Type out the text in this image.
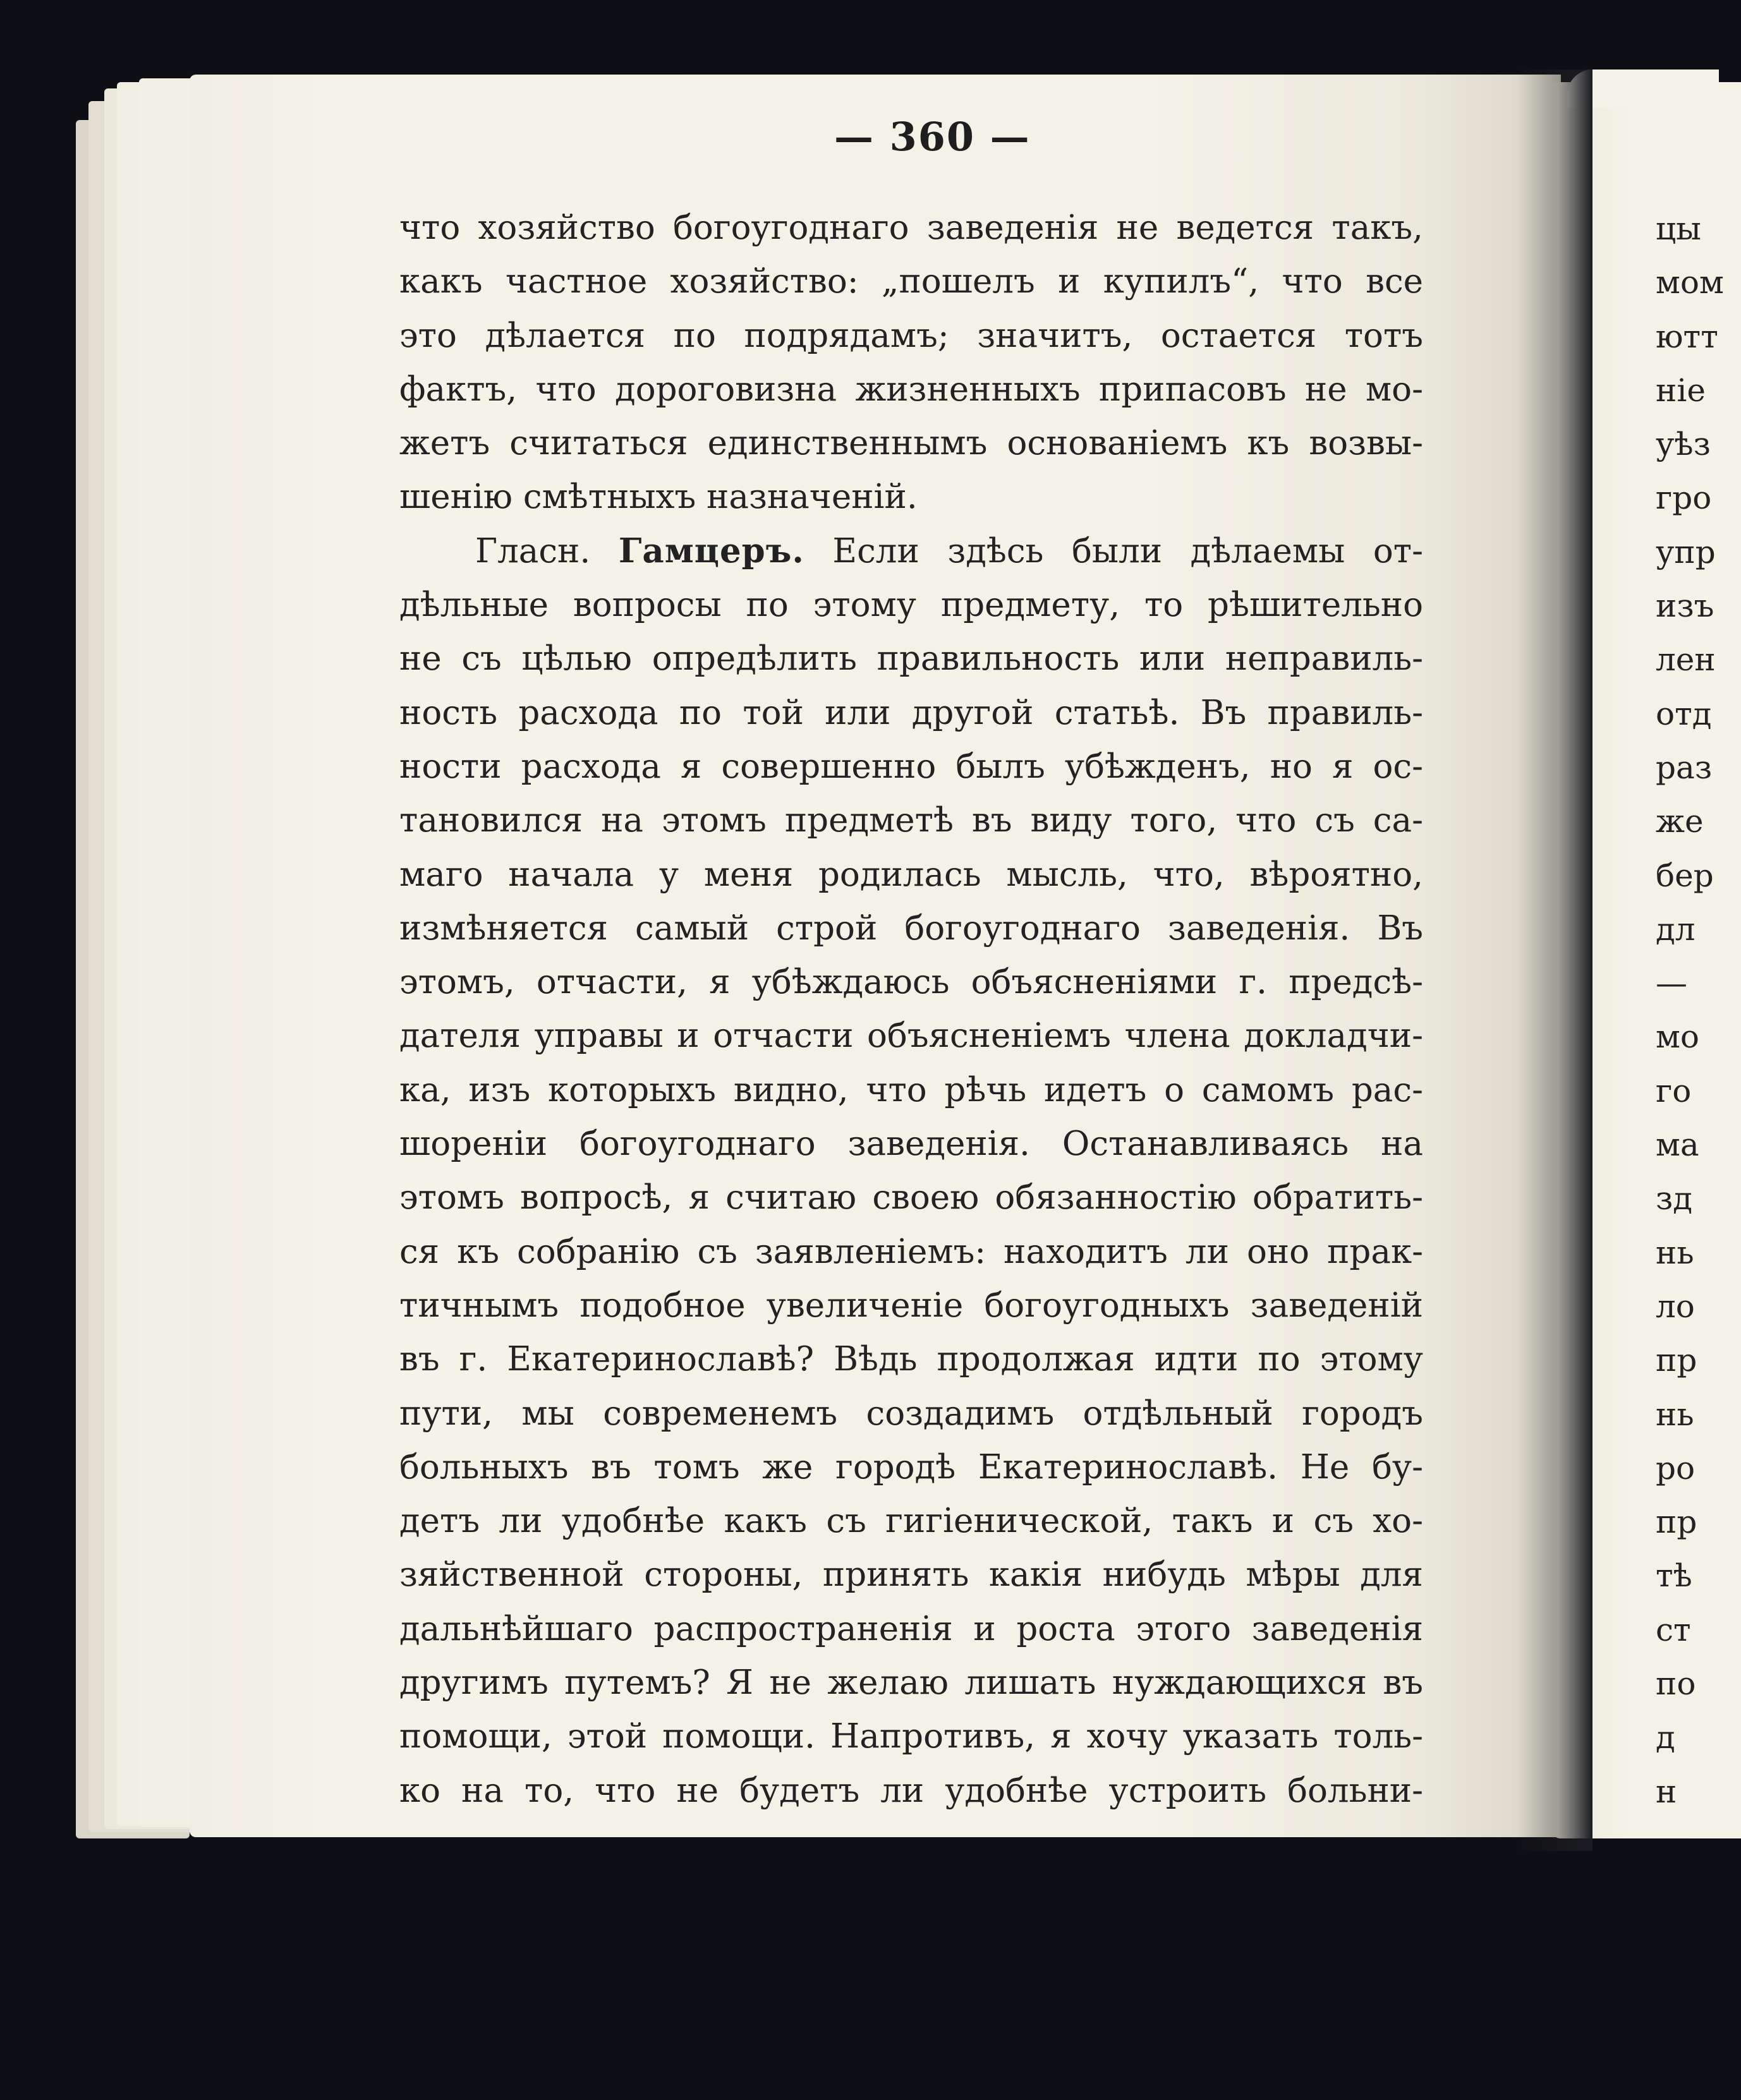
— 360 —
что хозяйство богоугоднаго заведенія не ведется такъ,
какъ частное хозяйство: „пошелъ и купилъ“, что все
это дѣлается по подрядамъ; значитъ, остается тотъ
фактъ, что дороговизна жизненныхъ припасовъ не мо-
жетъ считаться единственнымъ основаніемъ къ возвы-
шенію смѣтныхъ назначеній.
Гласн. Гамцеръ. Если здѣсь были дѣлаемы от-
дѣльные вопросы по этому предмету, то рѣшительно
не съ цѣлью опредѣлить правильность или неправиль-
ность расхода по той или другой статьѣ. Въ правиль-
ности расхода я совершенно былъ убѣжденъ, но я ос-
тановился на этомъ предметѣ въ виду того, что съ са-
маго начала у меня родилась мысль, что, вѣроятно,
измѣняется самый строй богоугоднаго заведенія. Въ
этомъ, отчасти, я убѣждаюсь объясненіями г. предсѣ-
дателя управы и отчасти объясненіемъ члена докладчи-
ка, изъ которыхъ видно, что рѣчь идетъ о самомъ рас-
шореніи богоугоднаго заведенія. Останавливаясь на
этомъ вопросѣ, я считаю своею обязанностію обратить-
ся къ собранію съ заявленіемъ: находитъ ли оно прак-
тичнымъ подобное увеличеніе богоугодныхъ заведеній
въ г. Екатеринославѣ? Вѣдь продолжая идти по этому
пути, мы современемъ создадимъ отдѣльный городъ
больныхъ въ томъ же городѣ Екатеринославѣ. Не бу-
детъ ли удобнѣе какъ съ гигіенической, такъ и съ хо-
зяйственной стороны, принять какія нибудь мѣры для
дальнѣйшаго распространенія и роста этого заведенія
другимъ путемъ? Я не желаю лишать нуждающихся въ
помощи, этой помощи. Напротивъ, я хочу указать толь-
ко на то, что не будетъ ли удобнѣе устроить больни-
цы
мом
ютт
ніе
уѣз
гро
упр
изъ
лен
отд
раз
же
бер
дл
—
мо
го
ма
зд
нь
ло
пр
нь
ро
пр
тѣ
ст
по
д
н
